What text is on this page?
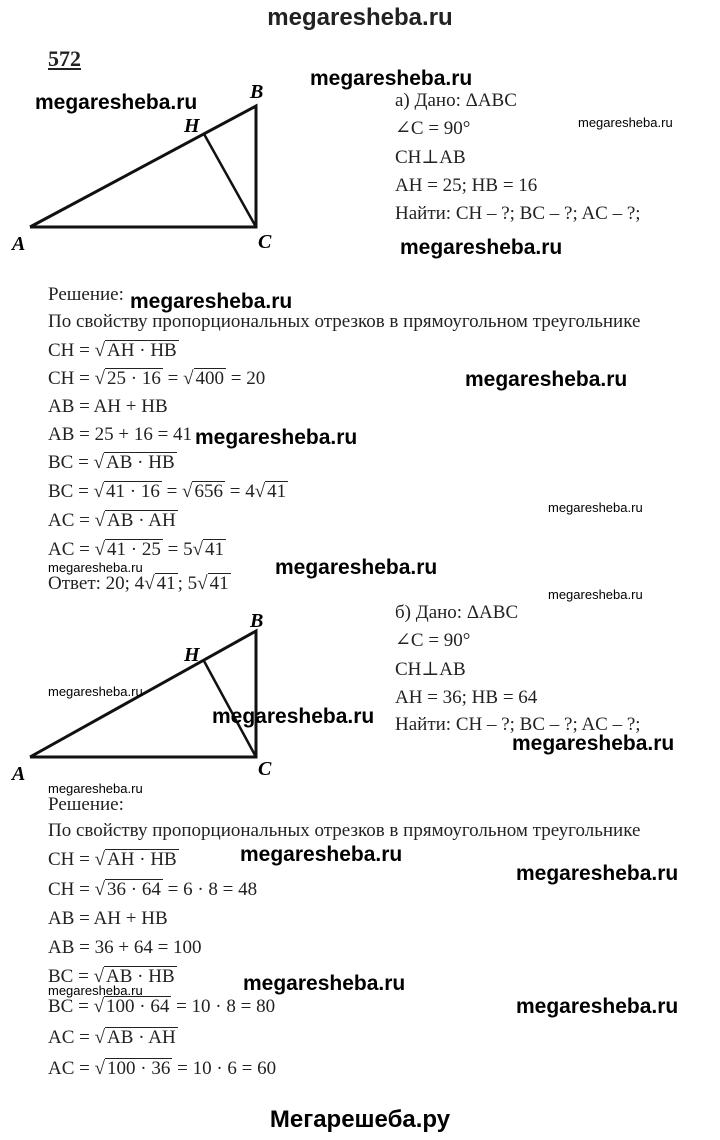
megaresheba.ru
572
A
B
C
H
а) Дано: ΔABC
∠C = 90°
CH⊥AB
AH = 25; HB = 16
Найти: CH – ?; BC – ?; AC – ?;
Решение:
По свойству пропорциональных отрезков в прямоугольном треугольнике
CH = √ AH · HB
CH = √ 25 · 16 = √ 400 = 20
AB = AH + HB
AB = 25 + 16 = 41
BC = √ AB · HB
BC = √ 41 · 16 = √ 656 = 4√ 41
AC = √ AB · AH
AC = √ 41 · 25 = 5√ 41
Ответ: 20; 4√ 41 ; 5√ 41
A
B
C
H
б) Дано: ΔABC
∠C = 90°
CH⊥AB
AH = 36; HB = 64
Найти: CH – ?; BC – ?; AC – ?;
Решение:
По свойству пропорциональных отрезков в прямоугольном треугольнике
CH = √ AH · HB
CH = √ 36 · 64 = 6 · 8 = 48
AB = AH + HB
AB = 36 + 64 = 100
BC = √ AB · HB
BC = √ 100 · 64 = 10 · 8 = 80
AC = √ AB · AH
AC = √ 100 · 36 = 10 · 6 = 60
megaresheba.ru
megaresheba.ru
megaresheba.ru
megaresheba.ru
megaresheba.ru
megaresheba.ru
megaresheba.ru
megaresheba.ru
megaresheba.ru	megaresheba.ru
megaresheba.ru
megaresheba.ru
megaresheba.ru
megaresheba.ru
megaresheba.ru
megaresheba.ru
megaresheba.ru
megaresheba.ru	megaresheba.ru
megaresheba.ru
Мегарешеба.ру
